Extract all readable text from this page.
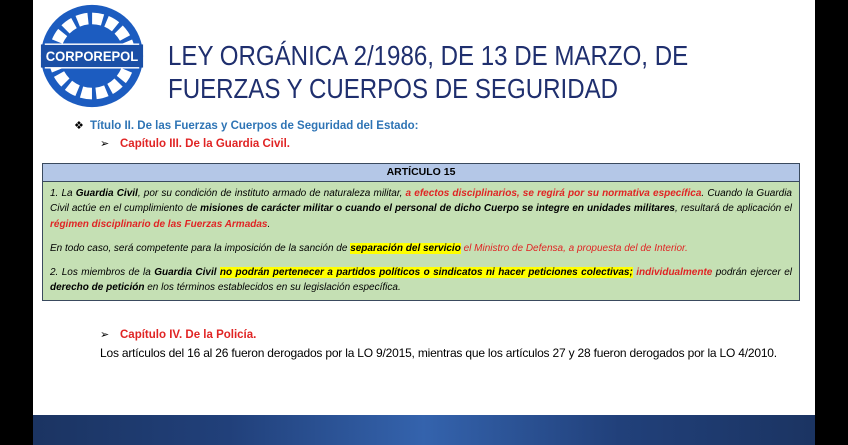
CORPOREPOL LEY ORGÁNICA 2/1986, DE 13 DE MARZO, DE
FUERZAS Y CUERPOS DE SEGURIDAD
❖ Título II. De las Fuerzas y Cuerpos de Seguridad del Estado:
➢ Capítulo III. De la Guardia Civil.
ARTÍCULO 15

1. La Guardia Civil, por su condición de instituto armado de naturaleza militar, a efectos disciplinarios, se regirá por su normativa específica. Cuando la Guardia Civil actúe en el cumplimiento de misiones de carácter militar o cuando el personal de dicho Cuerpo se integre en unidades militares, resultará de aplicación el régimen disciplinario de las Fuerzas Armadas.

En todo caso, será competente para la imposición de la sanción de separación del servicio el Ministro de Defensa, a propuesta del de Interior.

2. Los miembros de la Guardia Civil no podrán pertenecer a partidos políticos o sindicatos ni hacer peticiones colectivas; individualmente podrán ejercer el derecho de petición en los términos establecidos en su legislación específica.

➢ Capítulo IV. De la Policía.
Los artículos del 16 al 26 fueron derogados por la LO 9/2015, mientras que los artículos 27 y 28 fueron derogados por la LO 4/2010.
